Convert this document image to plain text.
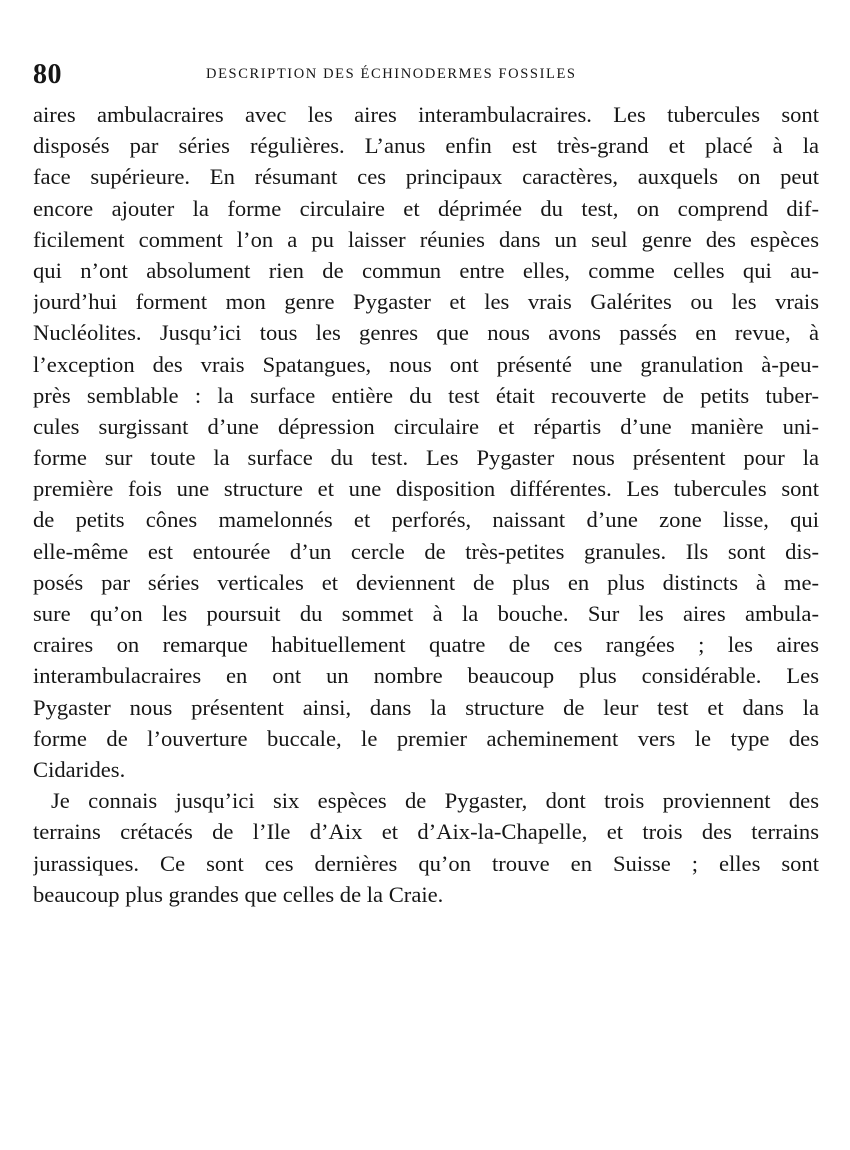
80	DESCRIPTION DES ÉCHINODERMES FOSSILES
aires ambulacraires avec les aires interambulacraires. Les tubercules sont
disposés par séries régulières. L’anus enfin est très-grand et placé à la
face supérieure. En résumant ces principaux caractères, auxquels on peut
encore ajouter la forme circulaire et déprimée du test, on comprend dif-
ficilement comment l’on a pu laisser réunies dans un seul genre des espèces
qui n’ont absolument rien de commun entre elles, comme celles qui au-
jourd’hui forment mon genre Pygaster et les vrais Galérites ou les vrais
Nucléolites. Jusqu’ici tous les genres que nous avons passés en revue, à
l’exception des vrais Spatangues, nous ont présenté une granulation à-peu-
près semblable : la surface entière du test était recouverte de petits tuber-
cules surgissant d’une dépression circulaire et répartis d’une manière uni-
forme sur toute la surface du test. Les Pygaster nous présentent pour la
première fois une structure et une disposition différentes. Les tubercules sont
de petits cônes mamelonnés et perforés, naissant d’une zone lisse, qui
elle-même est entourée d’un cercle de très-petites granules. Ils sont dis-
posés par séries verticales et deviennent de plus en plus distincts à me-
sure qu’on les poursuit du sommet à la bouche. Sur les aires ambula-
craires on remarque habituellement quatre de ces rangées ; les aires
interambulacraires en ont un nombre beaucoup plus considérable. Les
Pygaster nous présentent ainsi, dans la structure de leur test et dans la
forme de l’ouverture buccale, le premier acheminement vers le type des
Cidarides.
Je connais jusqu’ici six espèces de Pygaster, dont trois proviennent des
terrains crétacés de l’Ile d’Aix et d’Aix-la-Chapelle, et trois des terrains
jurassiques. Ce sont ces dernières qu’on trouve en Suisse ; elles sont
beaucoup plus grandes que celles de la Craie.
